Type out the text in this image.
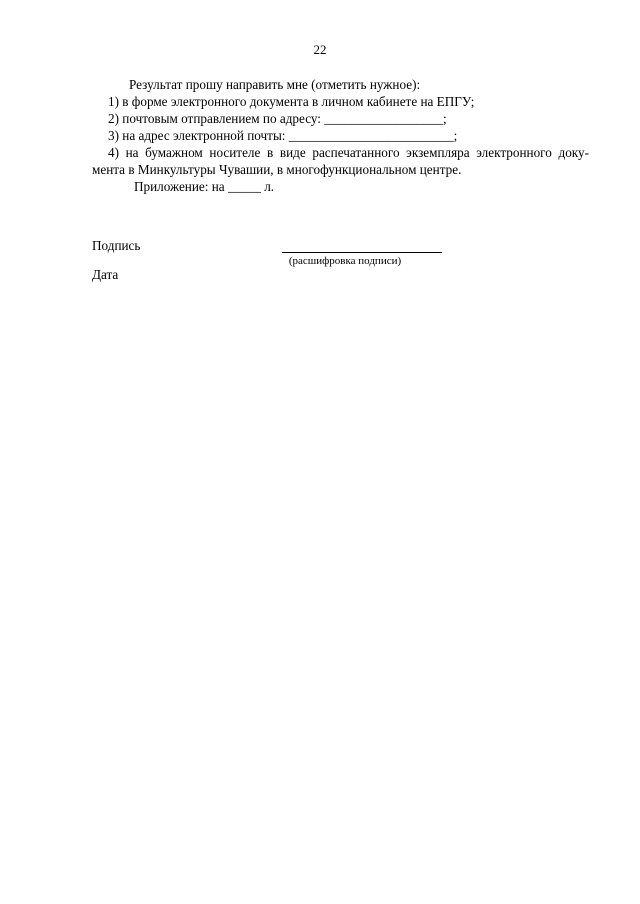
22
Результат прошу направить мне (отметить нужное):
1) в форме электронного документа в личном кабинете на ЕПГУ;
2) почтовым отправлением по адресу: __________________;
3) на адрес электронной почты: _________________________;
4) на бумажном носителе в виде распечатанного экземпляра электронного доку-
мента в Минкультуры Чувашии, в многофункциональном центре.
Приложение: на _____ л.
Подпись
(расшифровка подписи)
Дата
